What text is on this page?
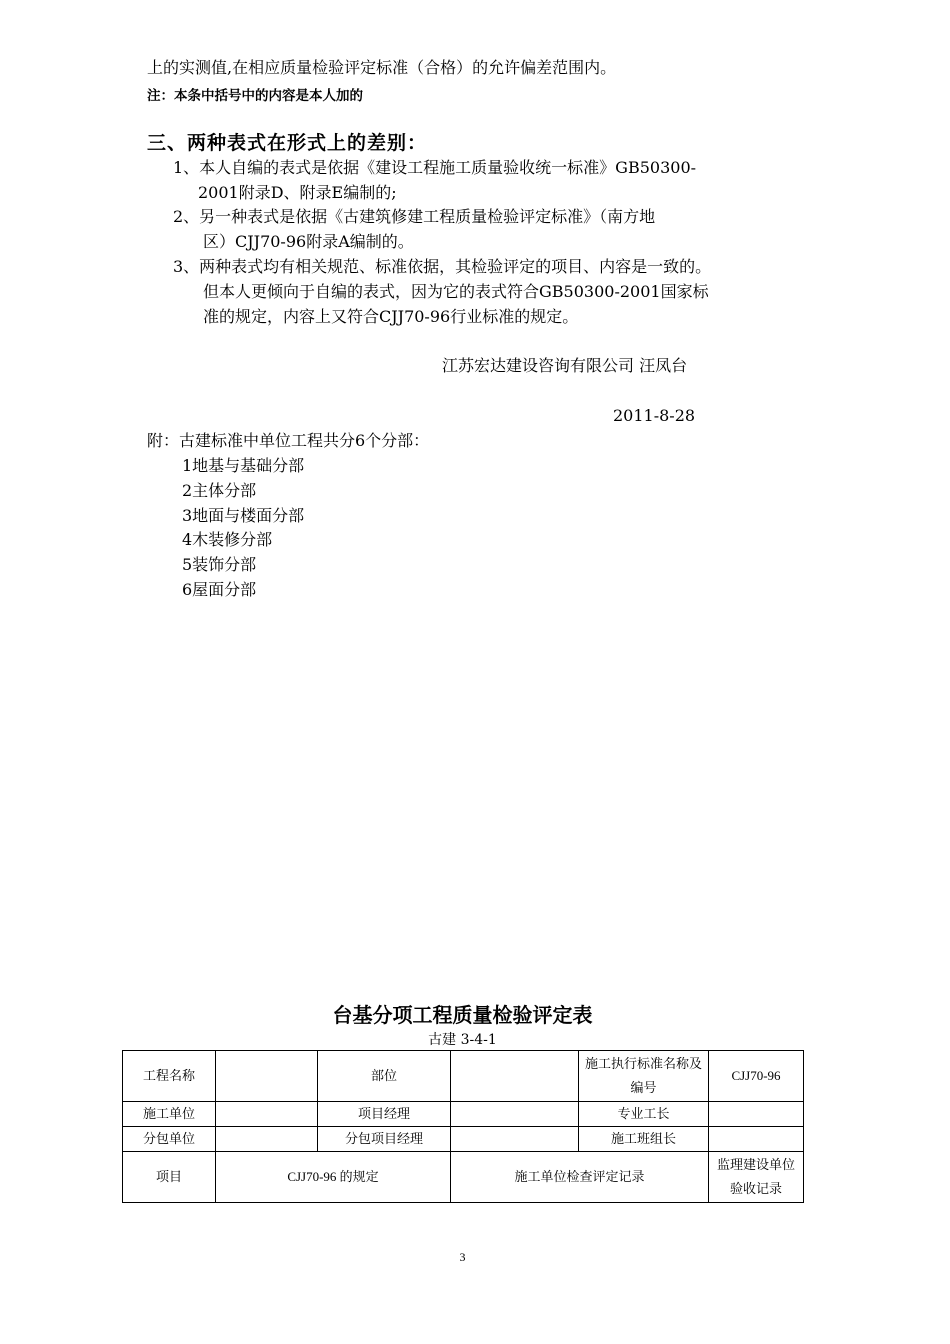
上的实测值,在相应质量检验评定标准（合格）的允许偏差范围内。
注：本条中括号中的内容是本人加的
三、两种表式在形式上的差别：
1、本人自编的表式是依据《建设工程施工质量验收统一标准》GB50300-
2001附录D、附录E编制的;
2、另一种表式是依据《古建筑修建工程质量检验评定标准》（南方地
区）CJJ70-96附录A编制的。
3、两种表式均有相关规范、标准依据，其检验评定的项目、内容是一致的。
但本人更倾向于自编的表式，因为它的表式符合GB50300-2001国家标
准的规定，内容上又符合CJJ70-96行业标准的规定。
江苏宏达建设咨询有限公司 汪凤台
2011-8-28
附：古建标准中单位工程共分6个分部：
1地基与基础分部
2主体分部
3地面与楼面分部
4木装修分部
5装饰分部
6屋面分部
台基分项工程质量检验评定表
古建 3-4-1
工程名称		部位		施工执行标准名称及编号	CJJ70-96
施工单位		项目经理		专业工长	
分包单位		分包项目经理		施工班组长	
项目	CJJ70-96 的规定		施工单位检查评定记录		监理建设单位验收记录
3
